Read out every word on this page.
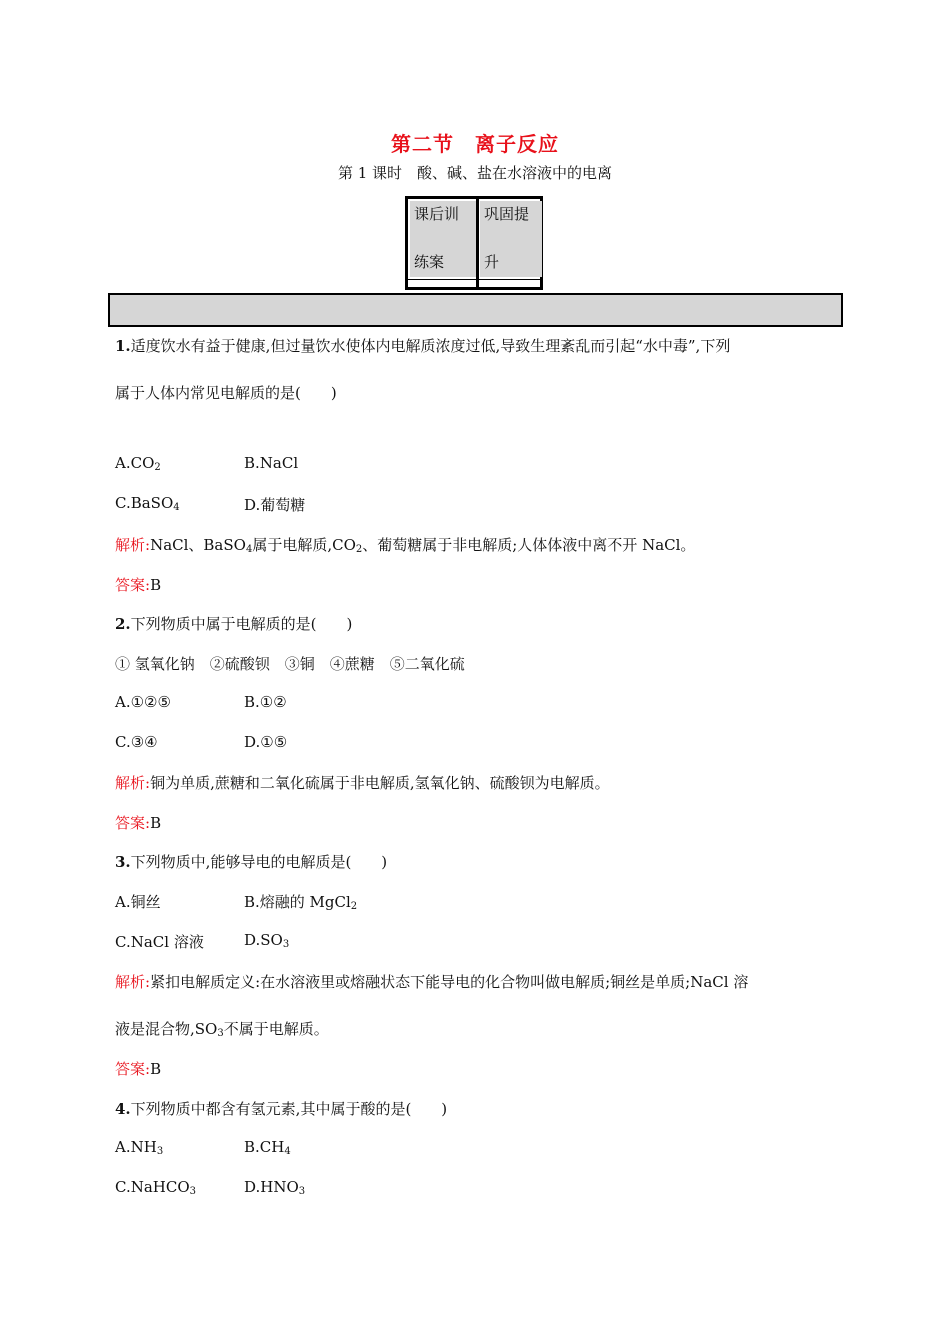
第二节　离子反应
第 1 课时　酸、碱、盐在水溶液中的电离
课后训
练案
巩固提
升
1.适度饮水有益于健康,但过量饮水使体内电解质浓度过低,导致生理紊乱而引起“水中毒”,下列
属于人体内常见电解质的是(　　)
$A.CO_2$	B.NaCl
C.BaSO$_4$	D.葡萄糖
解析:NaCl、BaSO$_4$属于电解质$,CO_2$、葡萄糖属于非电解质;人体体液中离不开 NaCl。
答案:B
2.下列物质中属于电解质的是(　　)
① 氢氧化钠　②硫酸钡　③铜　④蔗糖　⑤二氧化硫
A.①②⑤	B.①②
C.③④	D.①⑤
解析:铜为单质,蔗糖和二氧化硫属于非电解质,氢氧化钠、硫酸钡为电解质。
答案:B
3.下列物质中,能够导电的电解质是(　　)
A.铜丝	B.熔融的 MgCl$_2$
C.NaCl 溶液	$D.SO_3$
解析:紧扣电解质定义:在水溶液里或熔融状态下能导电的化合物叫做电解质;铜丝是单质;NaCl 溶
液是混合物$,SO_3$不属于电解质。
答案:B
4.下列物质中都含有氢元素,其中属于酸的是(　　)
$A.NH_3$	$B.CH_4$
C.NaHCO$_3$	$D.HNO_3$
